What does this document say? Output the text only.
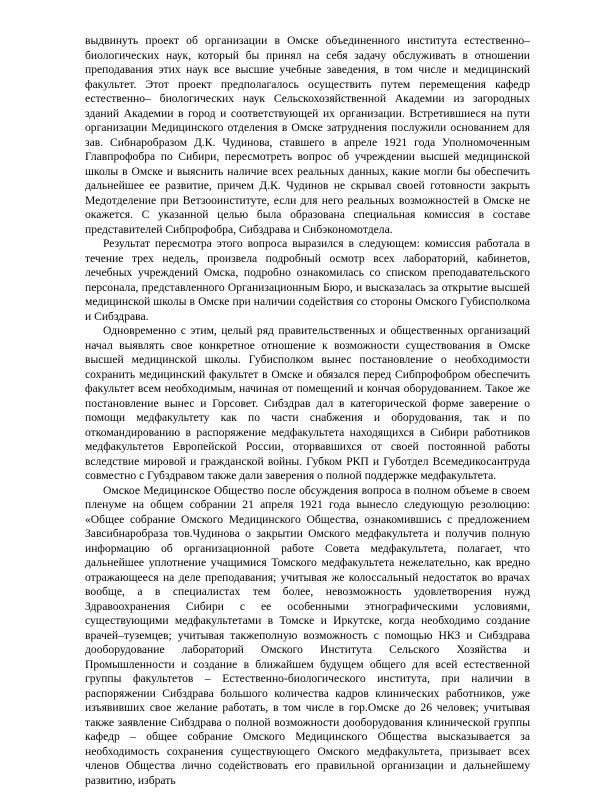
выдвинуть проект об организации в Омске объединенного института естественно–биологических наук, который бы принял на себя задачу обслуживать в отношении преподавания этих наук все высшие учебные заведения, в том числе и медицинский факультет. Этот проект предполагалось осуществить путем перемещения кафедр естественно– биологических наук Сельскохозяйственной Академии из загородных зданий Академии в город и соответствующей их организации. Встретившиеся на пути организации Медицинского отделения в Омске затруднения послужили основанием для зав. Сибнаробразом Д.К. Чудинова, ставшего в апреле 1921 года Уполномоченным Главпрофобра по Сибири, пересмотреть вопрос об учреждении высшей медицинской школы в Омске и выяснить наличие всех реальных данных, какие могли бы обеспечить дальнейшее ее развитие, причем Д.К. Чудинов не скрывал своей готовности закрыть Медотделение при Ветзооинституте, если для него реальных возможностей в Омске не окажется. С указанной целью была образована специальная комиссия в составе представителей Сибпрофобра, Сибздрава и Сибэкономотдела.

Результат пересмотра этого вопроса выразился в следующем: комиссия работала в течение трех недель, произвела подробный осмотр всех лабораторий, кабинетов, лечебных учреждений Омска, подробно ознакомилась со списком преподавательского персонала, представленного Организационным Бюро, и высказалась за открытие высшей медицинской школы в Омске при наличии содействия со стороны Омского Губисполкома и Сибздрава.

Одновременно с этим, целый ряд правительственных и общественных организаций начал выявлять свое конкретное отношение к возможности существования в Омске высшей медицинской школы. Губисполком вынес постановление о необходимости сохранить медицинский факультет в Омске и обязался перед Сибпрофобром обеспечить факультет всем необходимым, начиная от помещений и кончая оборудованием. Такое же постановление вынес и Горсовет. Сибздрав дал в категорической форме заверение о помощи медфакультету как по части снабжения и оборудования, так и по откомандированию в распоряжение медфакультета находящихся в Сибири работников медфакультетов Европейской России, оторвавшихся от своей постоянной работы вследствие мировой и гражданской войны. Губком РКП и Губотдел Всемедикосантруда совместно с Губздравом также дали заверения о полной поддержке медфакультета.

Омское Медицинское Общество после обсуждения вопроса в полном объеме в своем пленуме на общем собрании 21 апреля 1921 года вынесло следующую резолюцию: «Общее собрание Омского Медицинского Общества, ознакомившись с предложением Завсибнаробраза тов.Чудинова о закрытии Омского медфакультета и получив полную информацию об организационной работе Совета медфакультета, полагает, что дальнейшее уплотнение учащимися Томского медфакультета нежелательно, как вредно отражающееся на деле преподавания; учитывая же колоссальный недостаток во врачах вообще, а в специалистах тем более, невозможность удовлетворения нужд Здравоохранения Сибири с ее особенными этнографическими условиями, существующими медфакультетами в Томске и Иркутске, когда необходимо создание врачей–туземцев; учитывая такжеполную возможность с помощью НКЗ и Сибздрава дооборудование лабораторий Омского Института Сельского Хозяйства и Промышленности и создание в ближайшем будущем общего для всей естественной группы факультетов – Естественно-биологического института, при наличии в распоряжении Сибздрава большого количества кадров клинических работников, уже изъявивших свое желание работать, в том числе в гор.Омске до 26 человек; учитывая также заявление Сибздрава о полной возможности дооборудования клинической группы кафедр – общее собрание Омского Медицинского Общества высказывается за необходимость сохранения существующего Омского медфакультета, призывает всех членов Общества лично содействовать его правильной организации и дальнейшему развитию, избрать
